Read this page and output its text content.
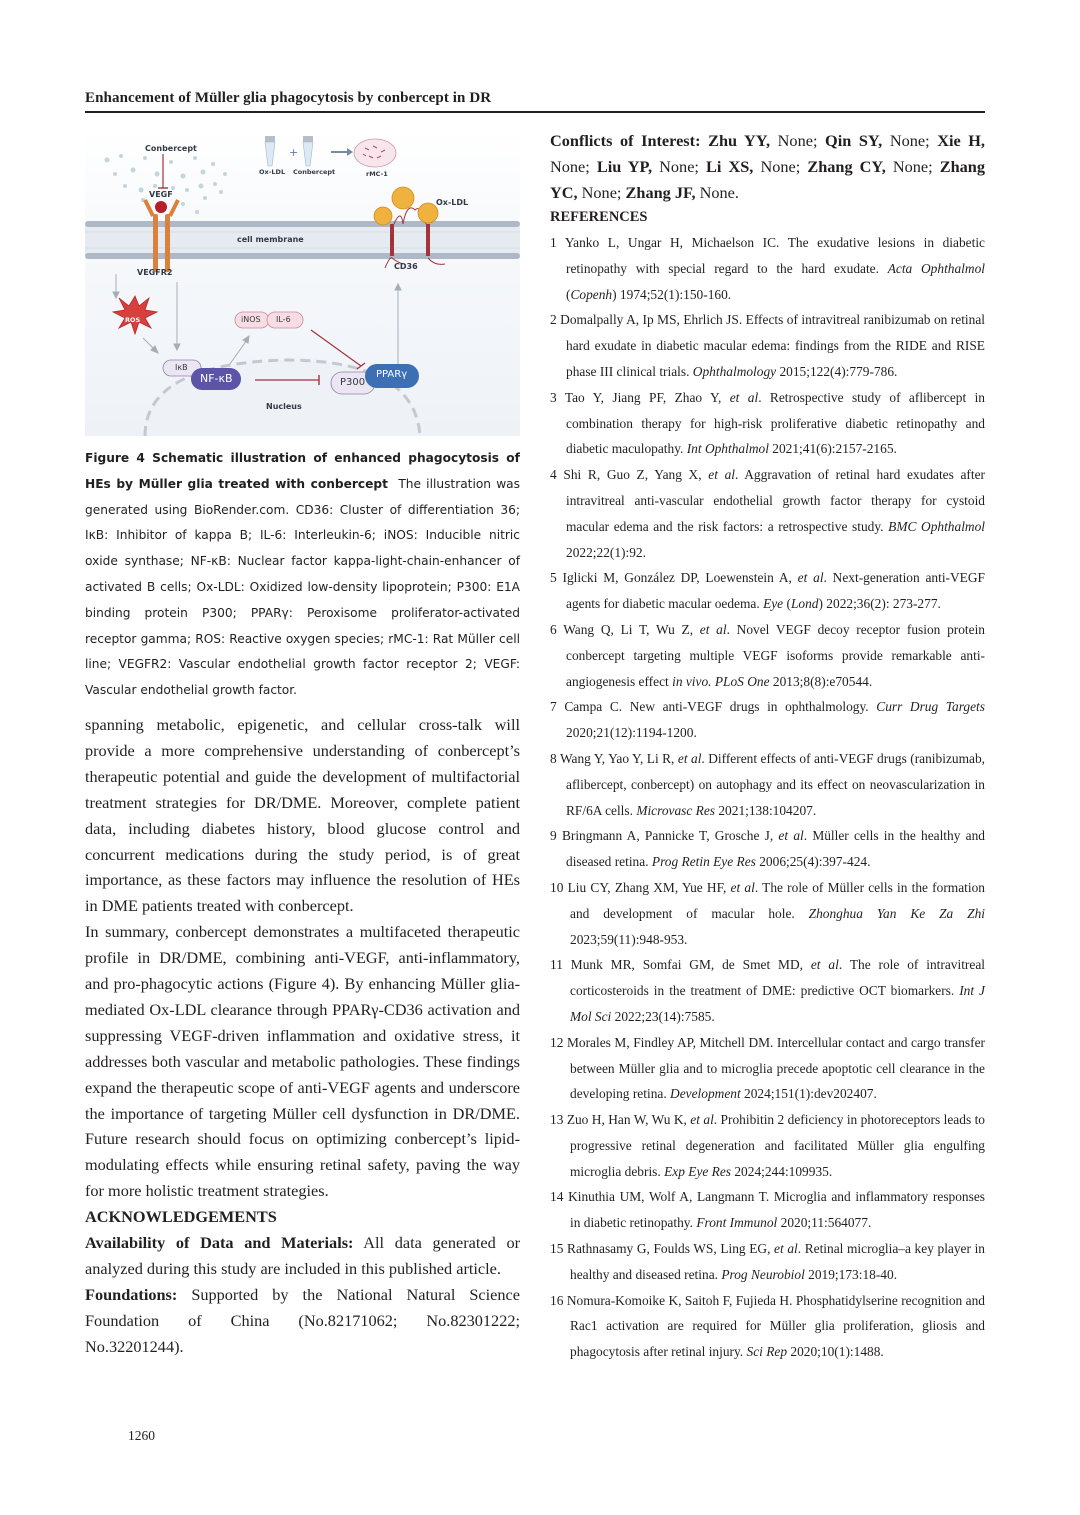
Enhancement of Müller glia phagocytosis by conbercept in DR
+
Conbercept
VEGF
VEGFR2
Ox-LDL Conbercept	rMC-1
Ox-LDL
cell membrane
CD36
ROS	iNOS IL-6
IκB
NF-κB	P300
PPARγ
Nucleus
Figure 4 Schematic illustration of enhanced phagocytosis of HEs by Müller glia treated with conbercept The illustration was generated using BioRender.com. CD36: Cluster of differentiation 36; IκB: Inhibitor of kappa B; IL-6: Interleukin-6; iNOS: Inducible nitric oxide synthase; NF-κB: Nuclear factor kappa-light-chain-enhancer of activated B cells; Ox-LDL: Oxidized low-density lipoprotein; P300: E1A binding protein P300; PPARγ: Peroxisome proliferator-activated receptor gamma; ROS: Reactive oxygen species; rMC-1: Rat Müller cell line; VEGFR2: Vascular endothelial growth factor receptor 2; VEGF: Vascular endothelial growth factor.

spanning metabolic, epigenetic, and cellular cross-talk will provide a more comprehensive understanding of conbercept’s therapeutic potential and guide the development of multifactorial treatment strategies for DR/DME. Moreover, complete patient data, including diabetes history, blood glucose control and concurrent medications during the study period, is of great importance, as these factors may influence the resolution of HEs in DME patients treated with conbercept.

In summary, conbercept demonstrates a multifaceted therapeutic profile in DR/DME, combining anti-VEGF, anti-inflammatory, and pro-phagocytic actions (Figure 4). By enhancing Müller glia-mediated Ox-LDL clearance through PPARγ-CD36 activation and suppressing VEGF-driven inflammation and oxidative stress, it addresses both vascular and metabolic pathologies. These findings expand the therapeutic scope of anti-VEGF agents and underscore the importance of targeting Müller cell dysfunction in DR/DME. Future research should focus on optimizing conbercept’s lipid-modulating effects while ensuring retinal safety, paving the way for more holistic treatment strategies.

ACKNOWLEDGEMENTS

Availability of Data and Materials: All data generated or analyzed during this study are included in this published article.

Foundations: Supported by the National Natural Science Foundation of China (No.82171062; No.82301222; No.32201244).

Conflicts of Interest: Zhu YY, None; Qin SY, None; Xie H, None; Liu YP, None; Li XS, None; Zhang CY, None; Zhang YC, None; Zhang JF, None.
REFERENCES
1 Yanko L, Ungar H, Michaelson IC. The exudative lesions in diabetic retinopathy with special regard to the hard exudate. Acta Ophthalmol (Copenh) 1974;52(1):150-160.
2 Domalpally A, Ip MS, Ehrlich JS. Effects of intravitreal ranibizumab on retinal hard exudate in diabetic macular edema: findings from the RIDE and RISE phase III clinical trials. Ophthalmology 2015;122(4):779-786.
3 Tao Y, Jiang PF, Zhao Y, et al. Retrospective study of aflibercept in combination therapy for high-risk proliferative diabetic retinopathy and diabetic maculopathy. Int Ophthalmol 2021;41(6):2157-2165.
4 Shi R, Guo Z, Yang X, et al. Aggravation of retinal hard exudates after intravitreal anti-vascular endothelial growth factor therapy for cystoid macular edema and the risk factors: a retrospective study. BMC Ophthalmol 2022;22(1):92.
5 Iglicki M, González DP, Loewenstein A, et al. Next-generation anti-VEGF agents for diabetic macular oedema. Eye (Lond) 2022;36(2): 273-277.
6 Wang Q, Li T, Wu Z, et al. Novel VEGF decoy receptor fusion protein conbercept targeting multiple VEGF isoforms provide remarkable anti-angiogenesis effect in vivo. PLoS One 2013;8(8):e70544.
7 Campa C. New anti-VEGF drugs in ophthalmology. Curr Drug Targets 2020;21(12):1194-1200.
8 Wang Y, Yao Y, Li R, et al. Different effects of anti-VEGF drugs (ranibizumab, aflibercept, conbercept) on autophagy and its effect on neovascularization in RF/6A cells. Microvasc Res 2021;138:104207.
9 Bringmann A, Pannicke T, Grosche J, et al. Müller cells in the healthy and diseased retina. Prog Retin Eye Res 2006;25(4):397-424.
10 Liu CY, Zhang XM, Yue HF, et al. The role of Müller cells in the formation and development of macular hole. Zhonghua Yan Ke Za Zhi 2023;59(11):948-953.
11 Munk MR, Somfai GM, de Smet MD, et al. The role of intravitreal corticosteroids in the treatment of DME: predictive OCT biomarkers. Int J Mol Sci 2022;23(14):7585.
12 Morales M, Findley AP, Mitchell DM. Intercellular contact and cargo transfer between Müller glia and to microglia precede apoptotic cell clearance in the developing retina. Development 2024;151(1):dev202407.
13 Zuo H, Han W, Wu K, et al. Prohibitin 2 deficiency in photoreceptors leads to progressive retinal degeneration and facilitated Müller glia engulfing microglia debris. Exp Eye Res 2024;244:109935.
14 Kinuthia UM, Wolf A, Langmann T. Microglia and inflammatory responses in diabetic retinopathy. Front Immunol 2020;11:564077.
15 Rathnasamy G, Foulds WS, Ling EG, et al. Retinal microglia–a key player in healthy and diseased retina. Prog Neurobiol 2019;173:18-40.
16 Nomura-Komoike K, Saitoh F, Fujieda H. Phosphatidylserine recognition and Rac1 activation are required for Müller glia proliferation, gliosis and phagocytosis after retinal injury. Sci Rep 2020;10(1):1488.
1260
